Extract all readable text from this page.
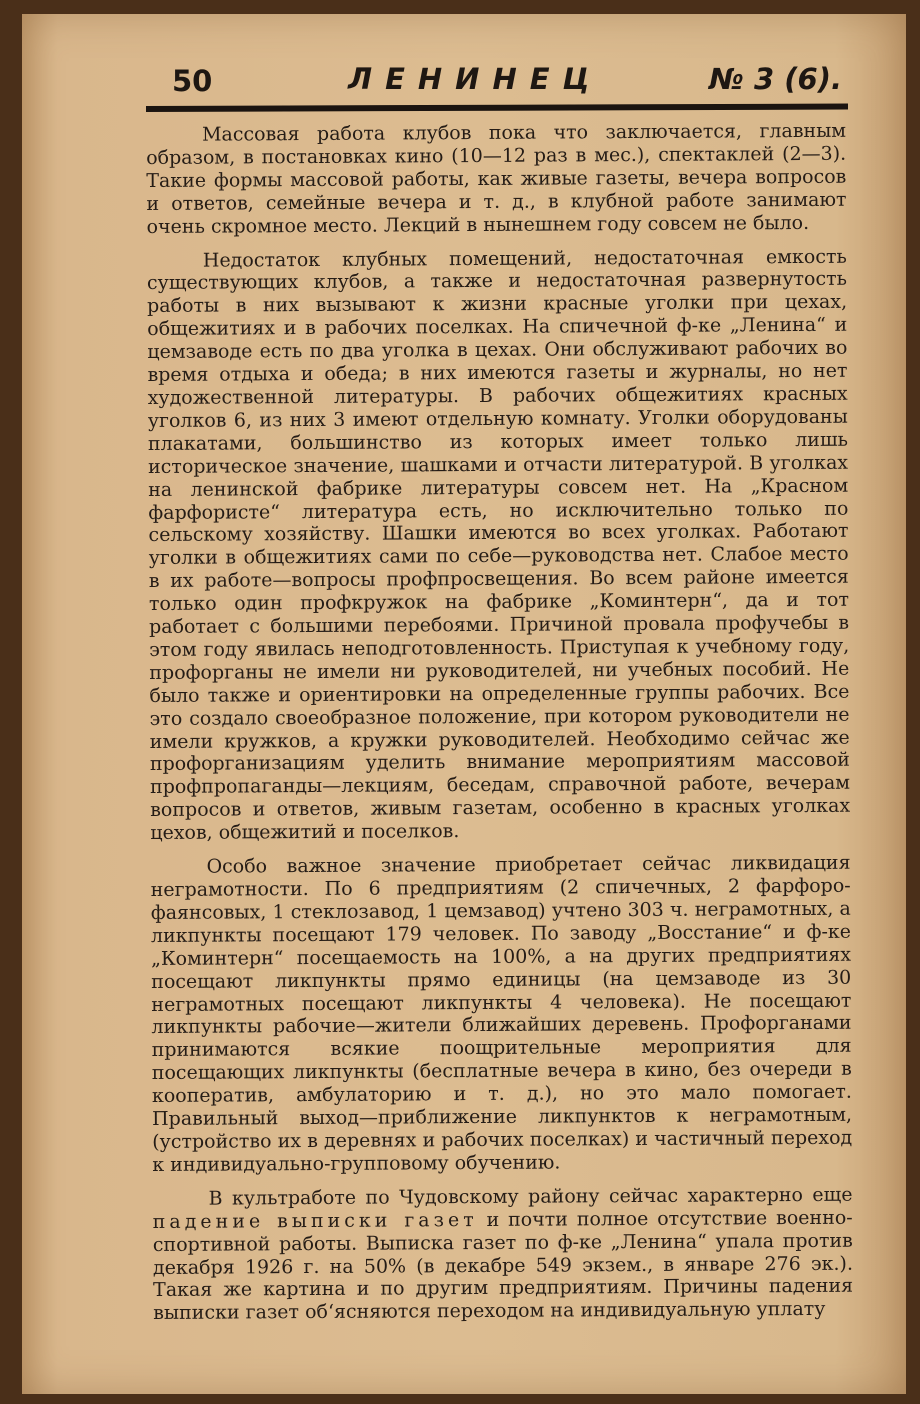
50	ЛЕНИНЕЦ	№ 3 (6).

Массовая работа клубов пока что заключается, главным образом, в постановках кино (10—12 раз в мес.), спектаклей (2—3). Такие формы массовой работы, как живые газеты, вечера вопросов и ответов, семейные вечера и т. д., в клубной работе занимают очень скромное место. Лекций в нынешнем году совсем не было.

Недостаток клубных помещений, недостаточная емкость существующих клубов, а также и недостаточная развернутость работы в них вызывают к жизни красные уголки при цехах, общежитиях и в рабочих поселках. На спичечной ф-ке „Ленина“ и цемзаводе есть по два уголка в цехах. Они обслуживают рабочих во время отдыха и обеда; в них имеются газеты и журналы, но нет художественной литературы. В рабочих общежитиях красных уголков 6, из них 3 имеют отдельную комнату. Уголки оборудованы плакатами, большинство из которых имеет только лишь историческое значение, шашками и отчасти литературой. В уголках на ленинской фабрике литературы совсем нет. На „Красном фарфористе“ литература есть, но исключительно только по сельскому хозяйству. Шашки имеются во всех уголках. Работают уголки в общежитиях сами по себе—руководства нет. Слабое место в их работе—вопросы профпросвещения. Во всем районе имеется только один профкружок на фабрике „Коминтерн“, да и тот работает с большими перебоями. Причиной провала профучебы в этом году явилась неподготовленность. Приступая к учебному году, профорганы не имели ни руководителей, ни учебных пособий. Не было также и ориентировки на определенные группы рабочих. Все это создало своеобразное положение, при котором руководители не имели кружков, а кружки руководителей. Необходимо сейчас же профорганизациям уделить внимание мероприятиям массовой профпропаганды—лекциям, беседам, справочной работе, вечерам вопросов и ответов, живым газетам, особенно в красных уголках цехов, общежитий и поселков.

Особо важное значение приобретает сейчас ликвидация неграмотности. По 6 предприятиям (2 спичечных, 2 фарфоро-фаянсовых, 1 стеклозавод, 1 цемзавод) учтено 303 ч. неграмотных, а ликпункты посещают 179 человек. По заводу „Восстание“ и ф-ке „Коминтерн“ посещаемость на 100%, а на других предприятиях посещают ликпункты прямо единицы (на цемзаводе из 30 неграмотных посещают ликпункты 4 человека). Не посещают ликпункты рабочие—жители ближайших деревень. Профорганами принимаются всякие поощрительные мероприятия для посещающих ликпункты (бесплатные вечера в кино, без очереди в кооператив, амбулаторию и т. д.), но это мало помогает. Правильный выход—приближение ликпунктов к неграмотным, (устройство их в деревнях и рабочих поселках) и частичный переход к индивидуально-групповому обучению.

В культработе по Чудовскому району сейчас характерно еще падение выписки газет и почти полное отсутствие военно-спортивной работы. Выписка газет по ф-ке „Ленина“ упала против декабря 1926 г. на 50% (в декабре 549 экзем., в январе 276 эк.). Такая же картина и по другим предприятиям. Причины падения выписки газет об‘ясняются переходом на индивидуальную уплату
